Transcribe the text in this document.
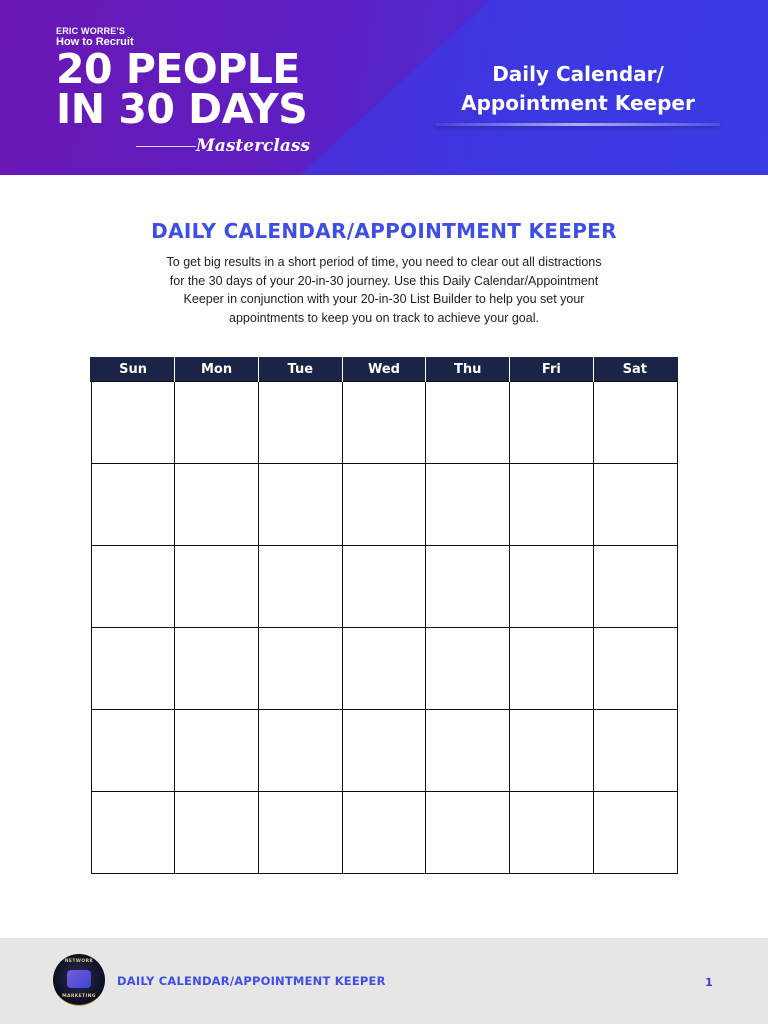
ERIC WORRE'S
How to Recruit
20 PEOPLE
IN 30 DAYS
Masterclass
Daily Calendar/
Appointment Keeper
DAILY CALENDAR/APPOINTMENT KEEPER
To get big results in a short period of time, you need to clear out all distractions
for the 30 days of your 20-in-30 journey. Use this Daily Calendar/Appointment
Keeper in conjunction with your 20-in-30 List Builder to help you set your
appointments to keep you on track to achieve your goal.
Sun	Mon	Tue	Wed	Thu	Fri	Sat

NETWORK
MARKETING
DAILY CALENDAR/APPOINTMENT KEEPER	1
